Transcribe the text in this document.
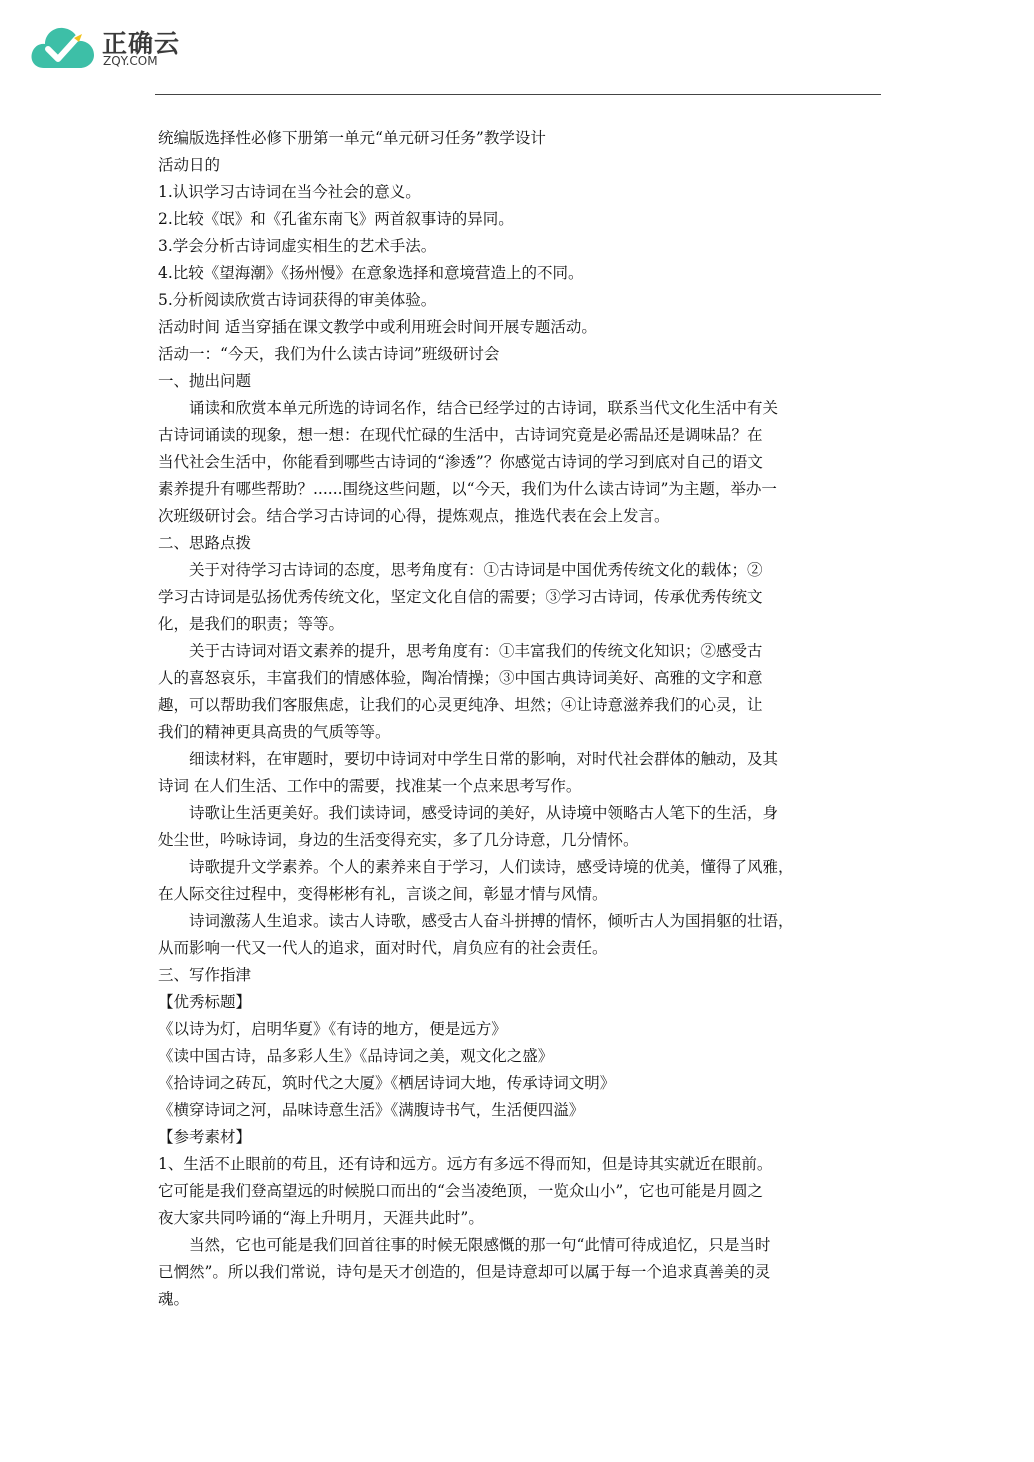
正确云
ZQY.COM
统编版选择性必修下册第一单元“单元研习任务”教学设计
活动日的
1.认识学习古诗词在当今社会的意义。
2.比较《氓》和《孔雀东南飞》两首叙事诗的异同。
3.学会分析古诗词虚实相生的艺术手法。
4.比较《望海潮》《扬州慢》在意象选择和意境营造上的不同。
5.分析阅读欣赏古诗词获得的审美体验。
活动时间 适当穿插在课文教学中或利用班会时间开展专题活动。
活动一：“今天，我们为什么读古诗词”班级研讨会
一、抛出问题
诵读和欣赏本单元所选的诗词名作，结合已经学过的古诗词，联系当代文化生活中有关
古诗词诵读的现象，想一想：在现代忙碌的生活中，古诗词究竟是必需品还是调味品？在
当代社会生活中，你能看到哪些古诗词的“渗透”？你感觉古诗词的学习到底对自己的语文
素养提升有哪些帮助？......围绕这些问题，以“今天，我们为什么读古诗词”为主题，举办一
次班级研讨会。结合学习古诗词的心得，提炼观点，推选代表在会上发言。
二、思路点拨
关于对待学习古诗词的态度，思考角度有：①古诗词是中国优秀传统文化的载体；②
学习古诗词是弘扬优秀传统文化，坚定文化自信的需要；③学习古诗词，传承优秀传统文
化，是我们的职责；等等。
关于古诗词对语文素养的提升，思考角度有：①丰富我们的传统文化知识；②感受古
人的喜怒哀乐，丰富我们的情感体验，陶冶情操；③中国古典诗词美好、高雅的文字和意
趣，可以帮助我们客服焦虑，让我们的心灵更纯净、坦然；④让诗意滋养我们的心灵，让
我们的精神更具高贵的气质等等。
细读材料，在审题时，要切中诗词对中学生日常的影响，对时代社会群体的触动，及其
诗词 在人们生活、工作中的需要，找准某一个点来思考写作。
诗歌让生活更美好。我们读诗词，感受诗词的美好，从诗境中领略古人笔下的生活，身
处尘世，吟咏诗词，身边的生活变得充实，多了几分诗意，几分情怀。
诗歌提升文学素养。个人的素养来自于学习，人们读诗，感受诗境的优美，懂得了风雅，
在人际交往过程中，变得彬彬有礼，言谈之间，彰显才情与风情。
诗词激荡人生追求。读古人诗歌，感受古人奋斗拼搏的情怀，倾听古人为国捐躯的壮语，
从而影响一代又一代人的追求，面对时代，肩负应有的社会责任。
三、写作指津
【优秀标题】
《以诗为灯，启明华夏》《有诗的地方，便是远方》
《读中国古诗，品多彩人生》《品诗词之美，观文化之盛》
《拾诗词之砖瓦，筑时代之大厦》《栖居诗词大地，传承诗词文明》
《横穿诗词之河，品味诗意生活》《满腹诗书气，生活便四溢》
【参考素材】
1、生活不止眼前的苟且，还有诗和远方。远方有多远不得而知，但是诗其实就近在眼前。
它可能是我们登高望远的时候脱口而出的“会当凌绝顶，一览众山小”，它也可能是月圆之
夜大家共同吟诵的“海上升明月，天涯共此时”。
当然，它也可能是我们回首往事的时候无限感慨的那一句“此情可待成追忆，只是当时
已惘然”。所以我们常说，诗句是天才创造的，但是诗意却可以属于每一个追求真善美的灵
魂。
